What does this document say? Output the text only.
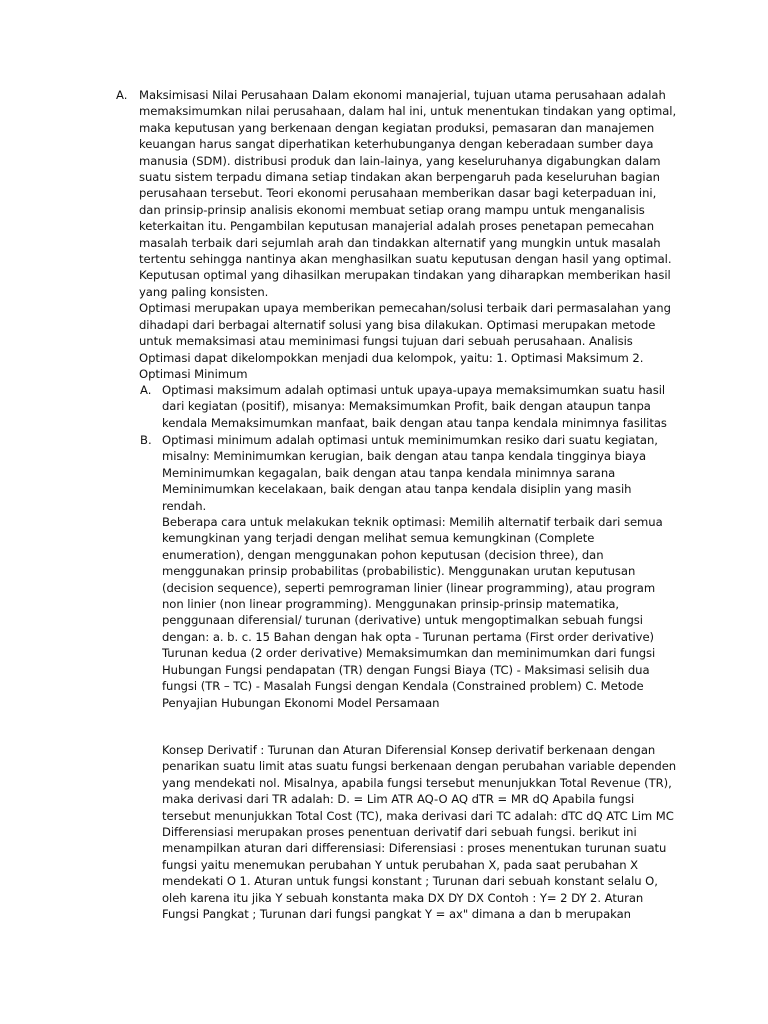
A. Maksimisasi Nilai Perusahaan Dalam ekonomi manajerial, tujuan utama perusahaan adalah
memaksimumkan nilai perusahaan, dalam hal ini, untuk menentukan tindakan yang optimal,
maka keputusan yang berkenaan dengan kegiatan produksi, pemasaran dan manajemen
keuangan harus sangat diperhatikan keterhubunganya dengan keberadaan sumber daya
manusia (SDM). distribusi produk dan lain-lainya, yang keseluruhanya digabungkan dalam
suatu sistem terpadu dimana setiap tindakan akan berpengaruh pada keseluruhan bagian
perusahaan tersebut. Teori ekonomi perusahaan memberikan dasar bagi keterpaduan ini,
dan prinsip-prinsip analisis ekonomi membuat setiap orang mampu untuk menganalisis
keterkaitan itu. Pengambilan keputusan manajerial adalah proses penetapan pemecahan
masalah terbaik dari sejumlah arah dan tindakkan alternatif yang mungkin untuk masalah
tertentu sehingga nantinya akan menghasilkan suatu keputusan dengan hasil yang optimal.
Keputusan optimal yang dihasilkan merupakan tindakan yang diharapkan memberikan hasil
yang paling konsisten.
Optimasi merupakan upaya memberikan pemecahan/solusi terbaik dari permasalahan yang
dihadapi dari berbagai alternatif solusi yang bisa dilakukan. Optimasi merupakan metode
untuk memaksimasi atau meminimasi fungsi tujuan dari sebuah perusahaan. Analisis
Optimasi dapat dikelompokkan menjadi dua kelompok, yaitu: 1. Optimasi Maksimum 2.
Optimasi Minimum
A. Optimasi maksimum adalah optimasi untuk upaya-upaya memaksimumkan suatu hasil
dari kegiatan (positif), misanya: Memaksimumkan Profit, baik dengan ataupun tanpa
kendala Memaksimumkan manfaat, baik dengan atau tanpa kendala minimnya fasilitas
B. Optimasi minimum adalah optimasi untuk meminimumkan resiko dari suatu kegiatan,
misalny: Meminimumkan kerugian, baik dengan atau tanpa kendala tingginya biaya
Meminimumkan kegagalan, baik dengan atau tanpa kendala minimnya sarana
Meminimumkan kecelakaan, baik dengan atau tanpa kendala disiplin yang masih
rendah.
Beberapa cara untuk melakukan teknik optimasi: Memilih alternatif terbaik dari semua
kemungkinan yang terjadi dengan melihat semua kemungkinan (Complete
enumeration), dengan menggunakan pohon keputusan (decision three), dan
menggunakan prinsip probabilitas (probabilistic). Menggunakan urutan keputusan
(decision sequence), seperti pemrograman linier (linear programming), atau program
non linier (non linear programming). Menggunakan prinsip-prinsip matematika,
penggunaan diferensial/ turunan (derivative) untuk mengoptimalkan sebuah fungsi
dengan: a. b. c. 15 Bahan dengan hak opta - Turunan pertama (First order derivative)
Turunan kedua (2 order derivative) Memaksimumkan dan meminimumkan dari fungsi
Hubungan Fungsi pendapatan (TR) dengan Fungsi Biaya (TC) - Maksimasi selisih dua
fungsi (TR – TC) - Masalah Fungsi dengan Kendala (Constrained problem) C. Metode
Penyajian Hubungan Ekonomi Model Persamaan
Konsep Derivatif : Turunan dan Aturan Diferensial Konsep derivatif berkenaan dengan
penarikan suatu limit atas suatu fungsi berkenaan dengan perubahan variable dependen
yang mendekati nol. Misalnya, apabila fungsi tersebut menunjukkan Total Revenue (TR),
maka derivasi dari TR adalah: D. = Lim ATR AQ-O AQ dTR = MR dQ Apabila fungsi
tersebut menunjukkan Total Cost (TC), maka derivasi dari TC adalah: dTC dQ ATC Lim MC
Differensiasi merupakan proses penentuan derivatif dari sebuah fungsi. berikut ini
menampilkan aturan dari differensiasi: Diferensiasi : proses menentukan turunan suatu
fungsi yaitu menemukan perubahan Y untuk perubahan X, pada saat perubahan X
mendekati O 1. Aturan untuk fungsi konstant ; Turunan dari sebuah konstant selalu O,
oleh karena itu jika Y sebuah konstanta maka DX DY DX Contoh : Y= 2 DY 2. Aturan
Fungsi Pangkat ; Turunan dari fungsi pangkat Y = ax" dimana a dan b merupakan
